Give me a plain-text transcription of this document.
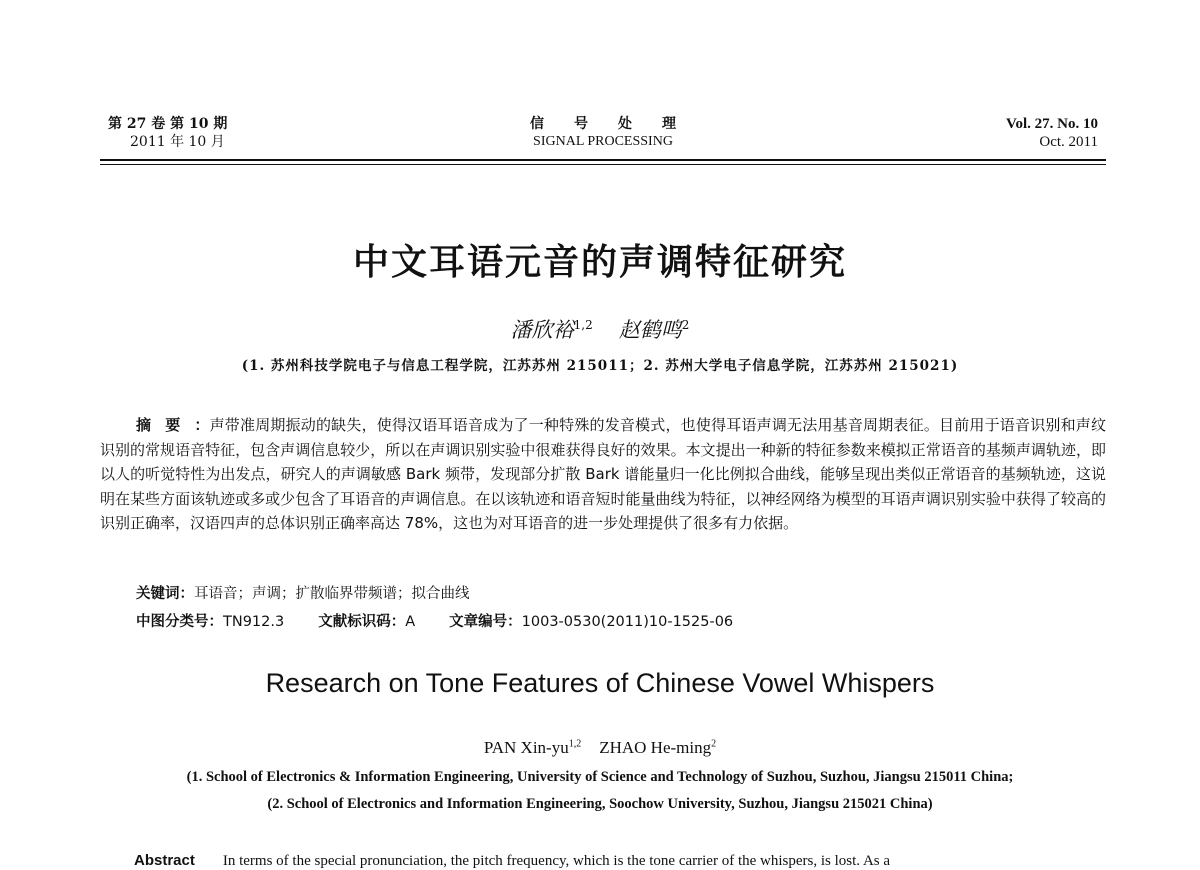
第 27 卷 第 10 期
2011 年 10 月
信号处理
SIGNAL PROCESSING
Vol. 27. No. 10
Oct. 2011
中文耳语元音的声调特征研究
潘欣裕$^{1,2}$ 赵鹤鸣$^2$
(1. 苏州科技学院电子与信息工程学院，江苏苏州 215011；2. 苏州大学电子信息学院，江苏苏州 215021)
摘要：声带准周期振动的缺失，使得汉语耳语音成为了一种特殊的发音模式，也使得耳语声调无法用基音周期表征。目前用于语音识别和声纹识别的常规语音特征，包含声调信息较少，所以在声调识别实验中很难获得良好的效果。本文提出一种新的特征参数来模拟正常语音的基频声调轨迹，即以人的听觉特性为出发点，研究人的声调敏感 Bark 频带，发现部分扩散 Bark 谱能量归一化比例拟合曲线，能够呈现出类似正常语音的基频轨迹，这说明在某些方面该轨迹或多或少包含了耳语音的声调信息。在以该轨迹和语音短时能量曲线为特征，以神经网络为模型的耳语声调识别实验中获得了较高的识别正确率，汉语四声的总体识别正确率高达 78%，这也为对耳语音的进一步处理提供了很多有力依据。
关键词：耳语音；声调；扩散临界带频谱；拟合曲线
中图分类号：TN912.3 文献标识码：A 文章编号：1003-0530(2011)10-1525-06
Research on Tone Features of Chinese Vowel Whispers
PAN Xin-yu$^{1,2}$ ZHAO He-ming$^2$
(1. School of Electronics & Information Engineering, University of Science and Technology of Suzhou, Suzhou, Jiangsu 215011 China;
(2. School of Electronics and Information Engineering, Soochow University, Suzhou, Jiangsu 215021 China)
Abstract In terms of the special pronunciation, the pitch frequency, which is the tone carrier of the whispers, is lost. As a
